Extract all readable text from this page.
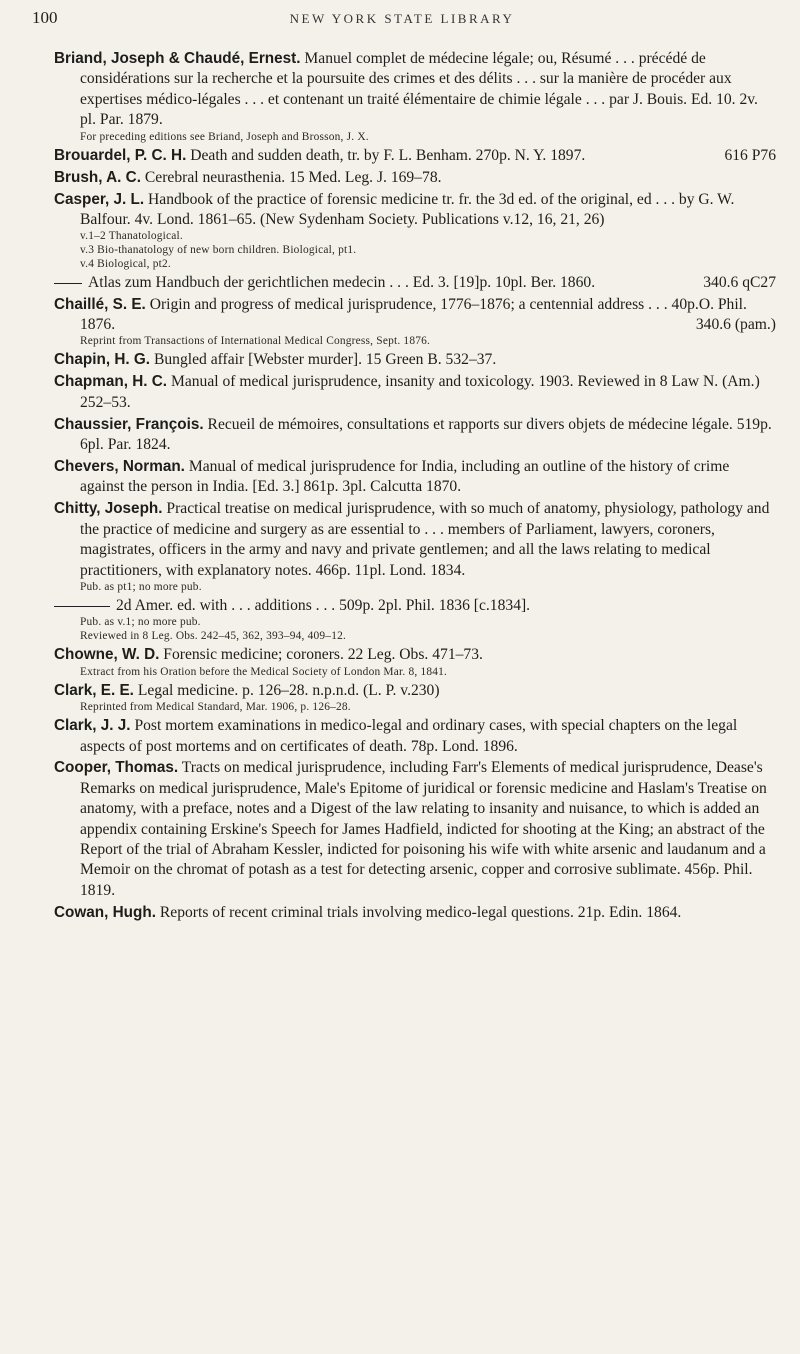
100	NEW YORK STATE LIBRARY

Briand, Joseph & Chaudé, Ernest. Manuel complet de médecine légale; ou, Résumé . . . précédé de considérations sur la recherche et la poursuite des crimes et des délits . . . sur la manière de procéder aux expertises médico-légales . . . et contenant un traité élémentaire de chimie légale . . . par J. Bouis. Ed. 10. 2v. pl. Par. 1879.
For preceding editions see Briand, Joseph and Brosson, J. X.

Brouardel, P. C. H. Death and sudden death, tr. by F. L. Benham. 270p. N. Y. 1897.	616 P76

Brush, A. C. Cerebral neurasthenia. 15 Med. Leg. J. 169–78.

Casper, J. L. Handbook of the practice of forensic medicine tr. fr. the 3d ed. of the original, ed . . . by G. W. Balfour. 4v. Lond. 1861–65. (New Sydenham Society. Publications v.12, 16, 21, 26)
v.1–2 Thanatological.
v.3 Bio-thanatology of new born children. Biological, pt1.
v.4 Biological, pt2.

Atlas zum Handbuch der gerichtlichen medecin . . . Ed. 3. [19]p. 10pl. Ber. 1860.	340.6 qC27

Chaillé, S. E. Origin and progress of medical jurisprudence, 1776–1876; a centennial address . . . 40p.O. Phil. 1876.	340.6 (pam.)
Reprint from Transactions of International Medical Congress, Sept. 1876.

Chapin, H. G. Bungled affair [Webster murder]. 15 Green B. 532–37.

Chapman, H. C. Manual of medical jurisprudence, insanity and toxicology. 1903. Reviewed in 8 Law N. (Am.) 252–53.

Chaussier, François. Recueil de mémoires, consultations et rapports sur divers objets de médecine légale. 519p. 6pl. Par. 1824.

Chevers, Norman. Manual of medical jurisprudence for India, including an outline of the history of crime against the person in India. [Ed. 3.] 861p. 3pl. Calcutta 1870.

Chitty, Joseph. Practical treatise on medical jurisprudence, with so much of anatomy, physiology, pathology and the practice of medicine and surgery as are essential to . . . members of Parliament, lawyers, coroners, magistrates, officers in the army and navy and private gentlemen; and all the laws relating to medical practitioners, with explanatory notes. 466p. 11pl. Lond. 1834.
Pub. as pt1; no more pub.

2d Amer. ed. with . . . additions . . . 509p. 2pl. Phil. 1836 [c.1834].
Pub. as v.1; no more pub.
Reviewed in 8 Leg. Obs. 242–45, 362, 393–94, 409–12.

Chowne, W. D. Forensic medicine; coroners. 22 Leg. Obs. 471–73.
Extract from his Oration before the Medical Society of London Mar. 8, 1841.

Clark, E. E. Legal medicine. p. 126–28. n.p.n.d. (L. P. v.230)
Reprinted from Medical Standard, Mar. 1906, p. 126–28.

Clark, J. J. Post mortem examinations in medico-legal and ordinary cases, with special chapters on the legal aspects of post mortems and on certificates of death. 78p. Lond. 1896.

Cooper, Thomas. Tracts on medical jurisprudence, including Farr's Elements of medical jurisprudence, Dease's Remarks on medical jurisprudence, Male's Epitome of juridical or forensic medicine and Haslam's Treatise on anatomy, with a preface, notes and a Digest of the law relating to insanity and nuisance, to which is added an appendix containing Erskine's Speech for James Hadfield, indicted for shooting at the King; an abstract of the Report of the trial of Abraham Kessler, indicted for poisoning his wife with white arsenic and laudanum and a Memoir on the chromat of potash as a test for detecting arsenic, copper and corrosive sublimate. 456p. Phil. 1819.

Cowan, Hugh. Reports of recent criminal trials involving medico-legal questions. 21p. Edin. 1864.
